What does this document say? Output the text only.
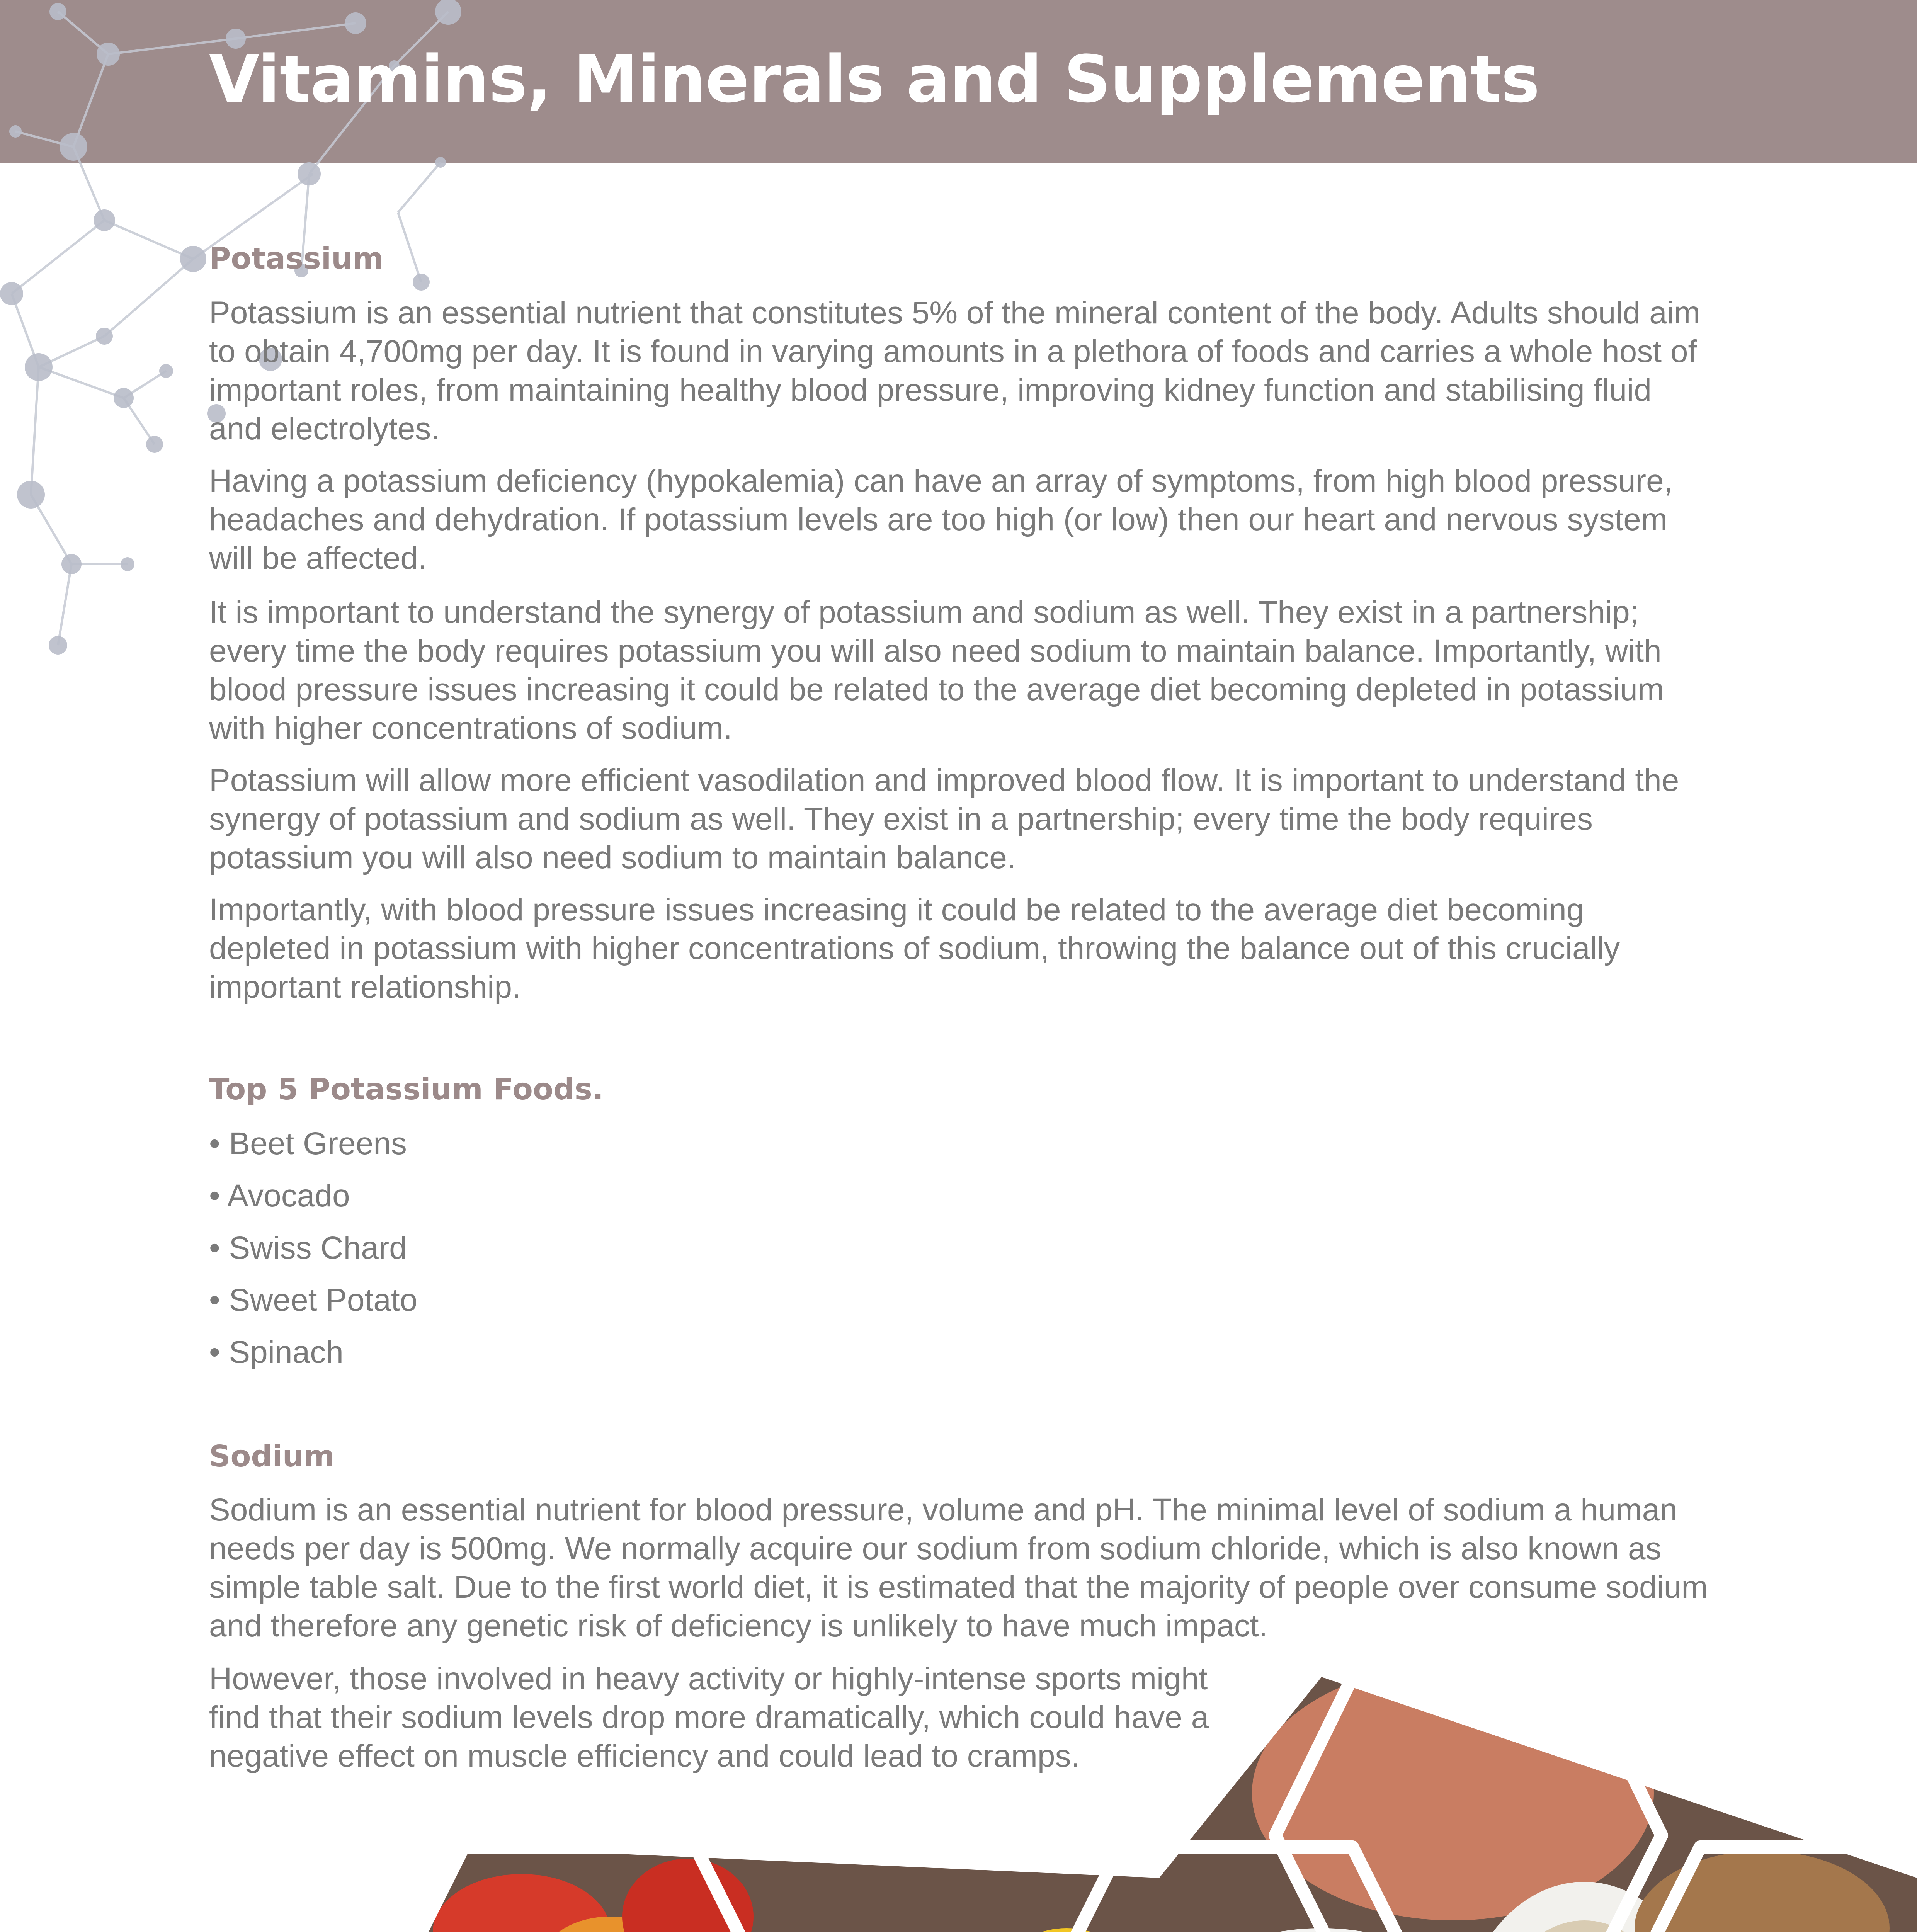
Vitamins, Minerals and Supplements
Potassium

Potassium is an essential nutrient that constitutes 5% of the mineral content of the body. Adults should aim to obtain 4,700mg per day. It is found in varying amounts in a plethora of foods and carries a whole host of important roles, from maintaining healthy blood pressure, improving kidney function and stabilising fluid and electrolytes.

Having a potassium deficiency (hypokalemia) can have an array of symptoms, from high blood pressure, headaches and dehydration. If potassium levels are too high (or low) then our heart and nervous system will be affected.

It is important to understand the synergy of potassium and sodium as well. They exist in a partnership; every time the body requires potassium you will also need sodium to maintain balance. Importantly, with blood pressure issues increasing it could be related to the average diet becoming depleted in potassium with higher concentrations of sodium.

Potassium will allow more efficient vasodilation and improved blood flow. It is important to understand the synergy of potassium and sodium as well. They exist in a partnership; every time the body requires potassium you will also need sodium to maintain balance.

Importantly, with blood pressure issues increasing it could be related to the average diet becoming depleted in potassium with higher concentrations of sodium, throwing the balance out of this crucially important relationship.

Top 5 Potassium Foods.

• Beet Greens

• Avocado

• Swiss Chard

• Sweet Potato

• Spinach

Sodium

Sodium is an essential nutrient for blood pressure, volume and pH. The minimal level of sodium a human needs per day is 500mg. We normally acquire our sodium from sodium chloride, which is also known as simple table salt. Due to the first world diet, it is estimated that the majority of people over consume sodium and therefore any genetic risk of deficiency is unlikely to have much impact.

However, those involved in heavy activity or highly-intense sports might find that their sodium levels drop more dramatically, which could have a negative effect on muscle efficiency and could lead to cramps.
